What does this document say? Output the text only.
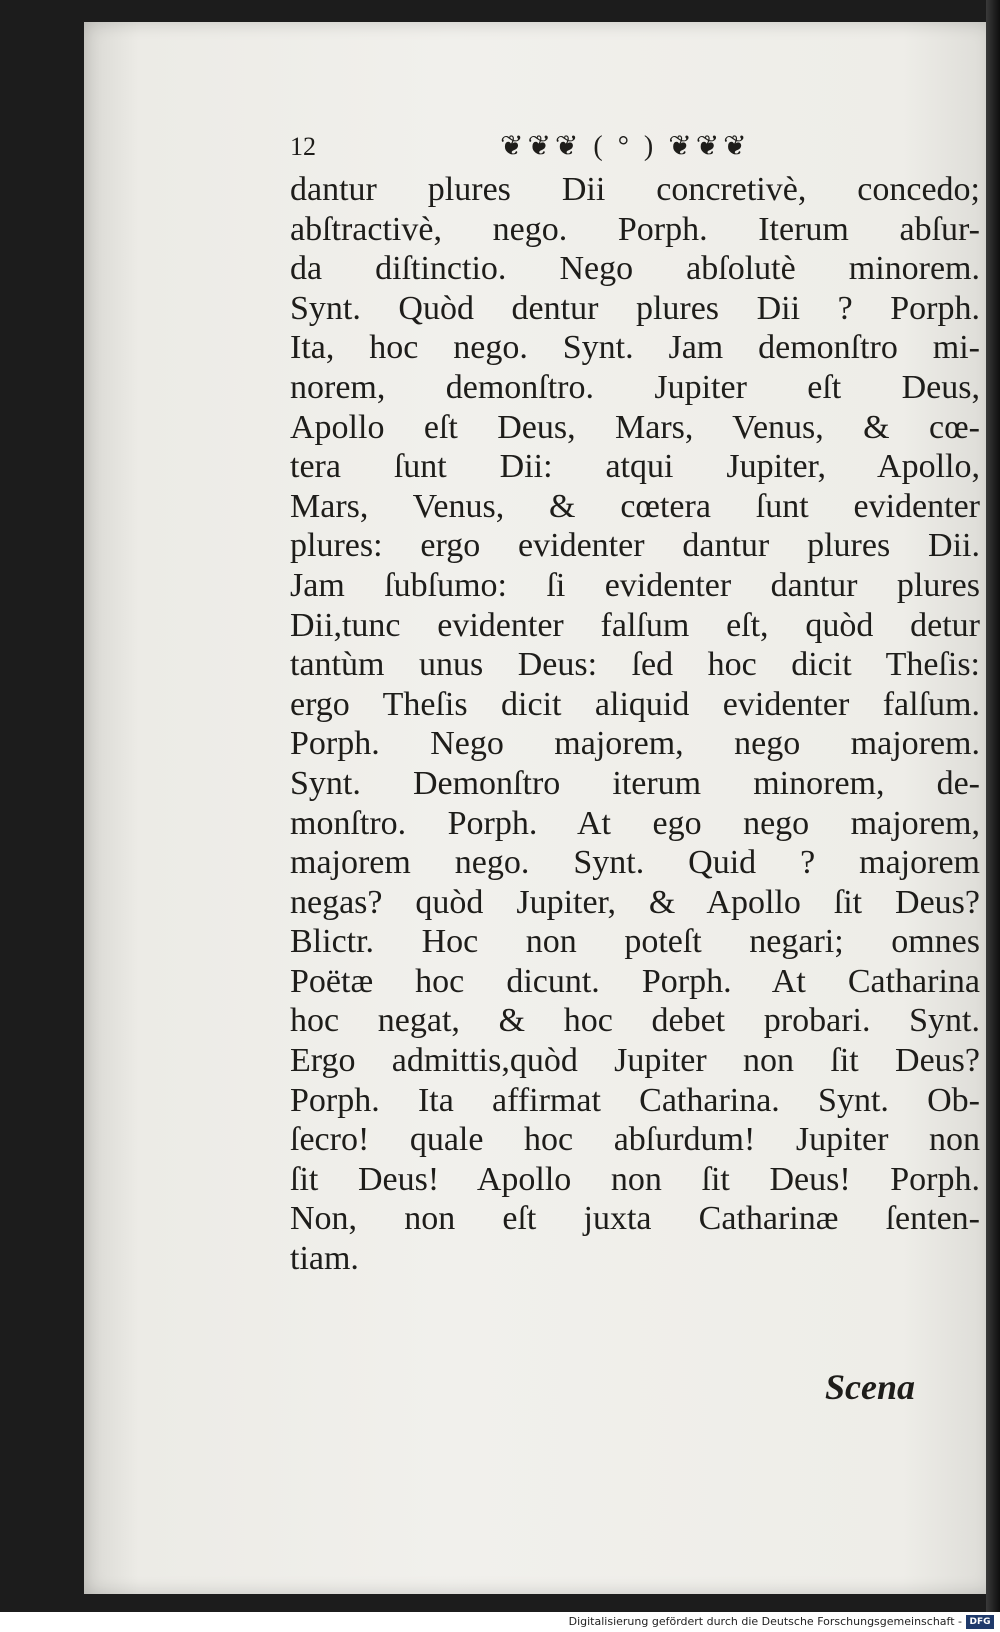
12	❦❦❦ ( ° ) ❦❦❦
dantur plures Dii concretivè, concedo;
abſtractivè, nego. Porph. Iterum abſur-
da diſtinctio. Nego abſolutè minorem.
Synt. Quòd dentur plures Dii ? Porph.
Ita, hoc nego. Synt. Jam demonſtro mi-
norem, demonſtro. Jupiter eſt Deus,
Apollo eſt Deus, Mars, Venus, & cœ-
tera ſunt Dii: atqui Jupiter, Apollo,
Mars, Venus, & cœtera ſunt evidenter
plures: ergo evidenter dantur plures Dii.
Jam ſubſumo: ſi evidenter dantur plures
Dii,tunc evidenter falſum eſt, quòd detur
tantùm unus Deus: ſed hoc dicit Theſis:
ergo Theſis dicit aliquid evidenter falſum.
Porph. Nego majorem, nego majorem.
Synt. Demonſtro iterum minorem, de-
monſtro. Porph. At ego nego majorem,
majorem nego. Synt. Quid ? majorem
negas? quòd Jupiter, & Apollo ſit Deus?
Blictr. Hoc non poteſt negari; omnes
Poëtæ hoc dicunt. Porph. At Catharina
hoc negat, & hoc debet probari. Synt.
Ergo admittis,quòd Jupiter non ſit Deus?
Porph. Ita affirmat Catharina. Synt. Ob-
ſecro! quale hoc abſurdum! Jupiter non
ſit Deus! Apollo non ſit Deus! Porph.
Non, non eſt juxta Catharinæ ſenten-
tiam.
Scena
Digitalisierung gefördert durch die Deutsche Forschungsgemeinschaft - DFG
